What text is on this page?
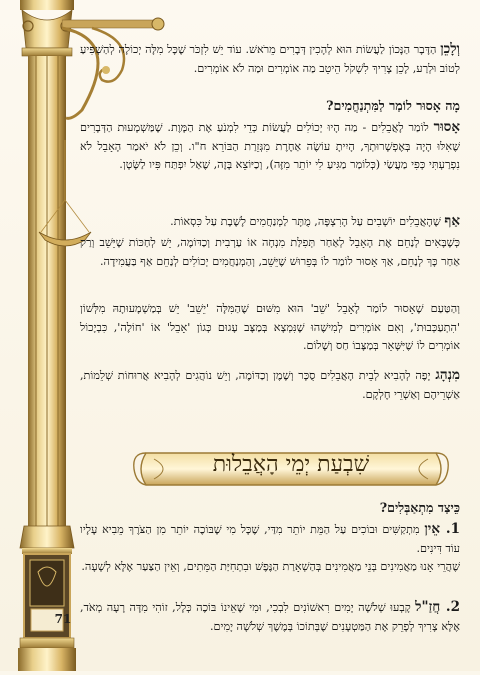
71
וְלָכֵן הַדָּבָר הַנָּכוֹן לַעֲשׂוֹת הוּא לְהָכִין דְּבָרִים מֵרֹאשׁ. עוֹד יֵשׁ לִזְכֹּר שֶׁכָּל מִלָּה יְכוֹלָה לְהַשְׁפִּיעַ לְטוֹב וּלְרַע, לָכֵן צָרִיךְ לִשְׁקֹל הֵיטֵב מַה אוֹמְרִים וּמַה לֹא אוֹמְרִים.
מָה אָסוּר לוֹמַר לַמִּתְנַחֲמִים?
אָסוּר לוֹמַר לָאֲבֵלִים - מַה הָיוּ יְכוֹלִים לַעֲשׂוֹת כְּדֵי לִמְנֹעַ אֶת הַמָּוֶת. שֶׁמַּשְׁמָעוּת הַדְּבָרִים שֶׁאִלּוּ הָיָה בְּאֶפְשָׁרוּתְךָ, הָיִיתָ עוֹשֶׂה אַחֶרֶת מִגְּזֵרַת הַבּוֹרֵא ח"ו. וְכֵן לֹא יֹאמַר הָאָבֵל לֹא נִפְרַעְתִּי כְּפִי מַעֲשַׂי (כְּלוֹמַר מַגִּיעַ לִי יוֹתֵר מִזֶּה), וְכַיּוֹצֵא בָּזֶה, שֶׁאַל יִפְתַּח פִּיו לַשָּׂטָן.
אַף שֶׁהָאֲבֵלִים יוֹשְׁבִים עַל הָרִצְפָּה, מֻתָּר לַמְנַחֲמִים לָשֶׁבֶת עַל כִּסְאוֹת.
כְּשֶׁבָּאִים לְנַחֵם אֶת הָאָבֵל לְאַחַר תְּפִלַּת מִנְחָה אוֹ עַרְבִית וְכַדּוֹמֶה, יֵשׁ לְחַכּוֹת שֶׁיֵּשֵׁב וְרַק אַחַר כָּךְ לְנַחֵם, אַךְ אָסוּר לוֹמַר לוֹ בְּפֵרוּשׁ שֶׁיֵּשֵׁב, וְהַמְנַחֲמִים יְכוֹלִים לְנַחֵם אַף בַּעֲמִידָה.
וְהַטַּעַם שֶׁאָסוּר לוֹמַר לָאָבֵל 'שֵׁב' הוּא מִשּׁוּם שֶׁהַמִּלָּה 'יֵשֵׁב' יֵשׁ בְּמַשְׁמָעוּתָהּ מִלְּשׁוֹן 'הִתְעַכְּבוּת', וְאִם אוֹמְרִים לְמִישֶׁהוּ שֶׁנִּמְצָא בְּמַצָּב עָגוּם כְּגוֹן 'אָבֵל' אוֹ 'חוֹלֶה', כִּבְיָכוֹל אוֹמְרִים לוֹ שֶׁיִּשָּׁאֵר בְּמַצָּבוֹ חַס וְשָׁלוֹם.
מִנְהָג יָפֶה לְהָבִיא לְבֵית הָאֲבֵלִים סֻכָּר וְשֶׁמֶן וְכַדּוֹמֶה, וְיֵשׁ נוֹהֲגִים לְהָבִיא אֲרוּחוֹת שְׁלֵמוֹת, אַשְׁרֵיהֶם וְאַשְׁרֵי חֶלְקָם.
כֵּיצַד מִתְאַבְּלִים?
1. אֵין מִתְקַשִּׁים וּבוֹכִים עַל הַמֵּת יוֹתֵר מִדַּי, שֶׁכָּל מִי שֶׁבּוֹכֶה יוֹתֵר מִן הַצֹּרֶךְ מֵבִיא עָלָיו עוֹד דִּינִים.
שֶׁהֲרֵי אָנוּ מַאֲמִינִים בְּנֵי מַאֲמִינִים בְּהַשְׁאָרַת הַנֶּפֶשׁ וּבִתְחִיַּת הַמֵּתִים, וְאֵין הַצַּעַר אֶלָּא לְשָׁעָה.
2. חֲזַ"ל קָבְעוּ שְׁלֹשָׁה יָמִים רִאשׁוֹנִים לִבְכִי, וּמִי שֶׁאֵינוֹ בּוֹכֶה כְּלָל, זוֹהִי מִדָּה רָעָה מְאֹד, אֶלָּא צָרִיךְ לְפָרֵק אֶת הַמַּטְעָנִים שֶׁבְּתוֹכוֹ בְּמֶשֶׁךְ שְׁלֹשָׁה יָמִים.
שִׁבְעַת יְמֵי הָאֲבֵלוּת
